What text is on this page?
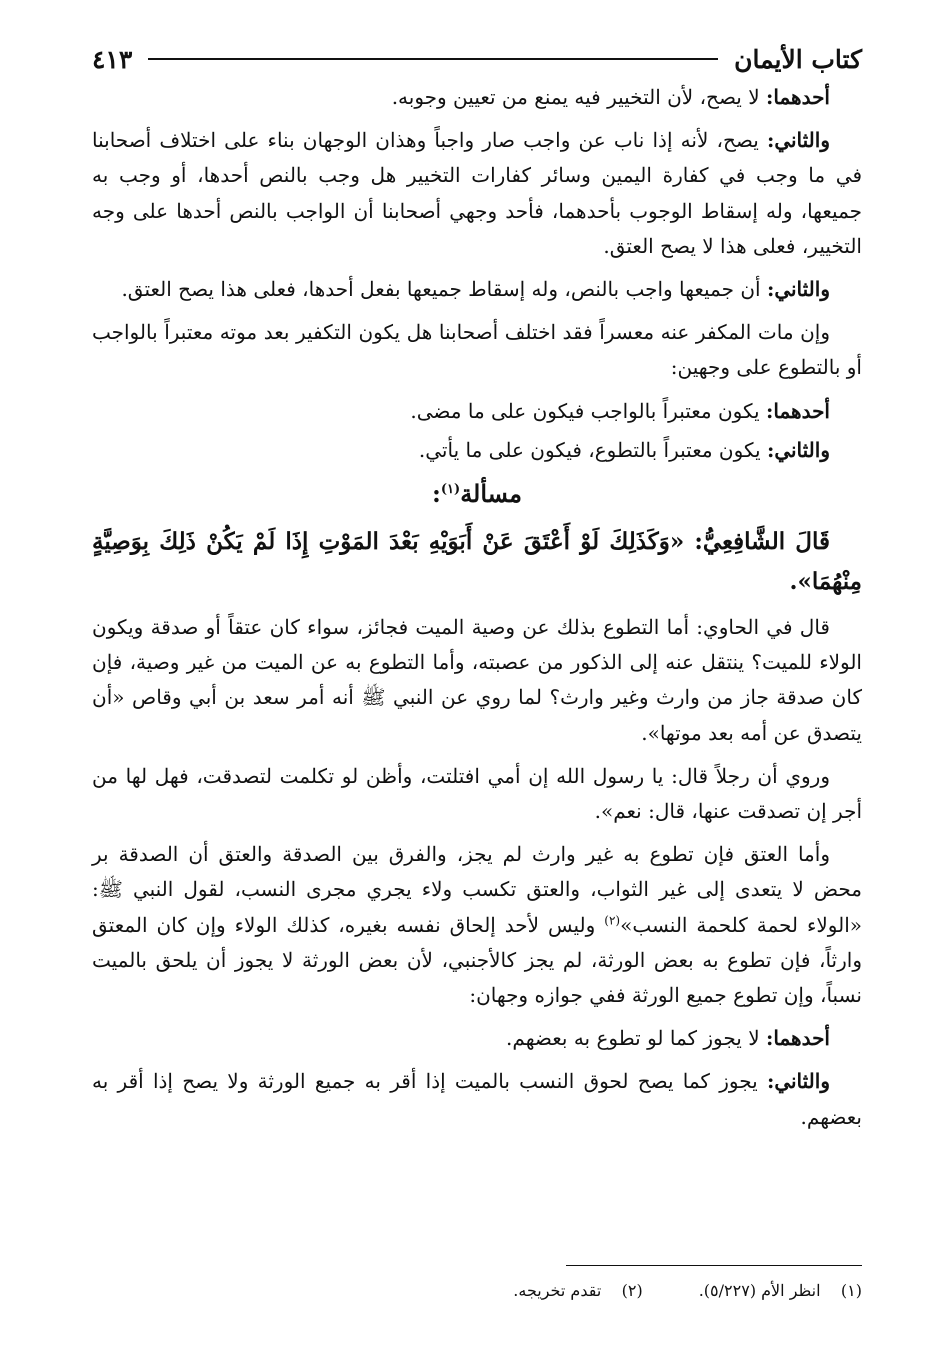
كتاب الأيمان
٤١٣

أحدهما: لا يصح، لأن التخيير فيه يمنع من تعيين وجوبه.

والثاني: يصح، لأنه إذا ناب عن واجب صار واجباً وهذان الوجهان بناء على اختلاف أصحابنا في ما وجب في كفارة اليمين وسائر كفارات التخيير هل وجب بالنص أحدها، أو وجب به جميعها، وله إسقاط الوجوب بأحدهما، فأحد وجهي أصحابنا أن الواجب بالنص أحدها على وجه التخيير، فعلى هذا لا يصح العتق.

والثاني: أن جميعها واجب بالنص، وله إسقاط جميعها بفعل أحدها، فعلى هذا يصح العتق.

وإن مات المكفر عنه معسراً فقد اختلف أصحابنا هل يكون التكفير بعد موته معتبراً بالواجب أو بالتطوع على وجهين:

أحدهما: يكون معتبراً بالواجب فيكون على ما مضى.

والثاني: يكون معتبراً بالتطوع، فيكون على ما يأتي.

مسألة$^{(١)}$:

قَالَ الشَّافِعِيُّ: «وَكَذَلِكَ لَوْ أَعْتَقَ عَنْ أَبَوَيْهِ بَعْدَ المَوْتِ إِذَا لَمْ يَكُنْ ذَلِكَ بِوَصِيَّةٍ مِنْهُمَا».

قال في الحاوي: أما التطوع بذلك عن وصية الميت فجائز، سواء كان عتقاً أو صدقة ويكون الولاء للميت؟ ينتقل عنه إلى الذكور من عصبته، وأما التطوع به عن الميت من غير وصية، فإن كان صدقة جاز من وارث وغير وارث؟ لما روي عن النبي ﷺ أنه أمر سعد بن أبي وقاص «أن يتصدق عن أمه بعد موتها».

وروي أن رجلاً قال: يا رسول الله إن أمي افتلتت، وأظن لو تكلمت لتصدقت، فهل لها من أجر إن تصدقت عنها، قال: نعم».

وأما العتق فإن تطوع به غير وارث لم يجز، والفرق بين الصدقة والعتق أن الصدقة بر محض لا يتعدى إلى غير الثواب، والعتق تكسب ولاء يجري مجرى النسب، لقول النبي ﷺ: «الولاء لحمة كلحمة النسب»$^{(٢)}$ وليس لأحد إلحاق نفسه بغيره، كذلك الولاء وإن كان المعتق وارثاً، فإن تطوع به بعض الورثة، لم يجز كالأجنبي، لأن بعض الورثة لا يجوز أن يلحق بالميت نسباً، وإن تطوع جميع الورثة ففي جوازه وجهان:

أحدهما: لا يجوز كما لو تطوع به بعضهم.

والثاني: يجوز كما يصح لحوق النسب بالميت إذا أقر به جميع الورثة ولا يصح إذا أقر به بعضهم.

(١)    انظر الأم (٥/٢٢٧).
(٢)    تقدم تخريجه.
